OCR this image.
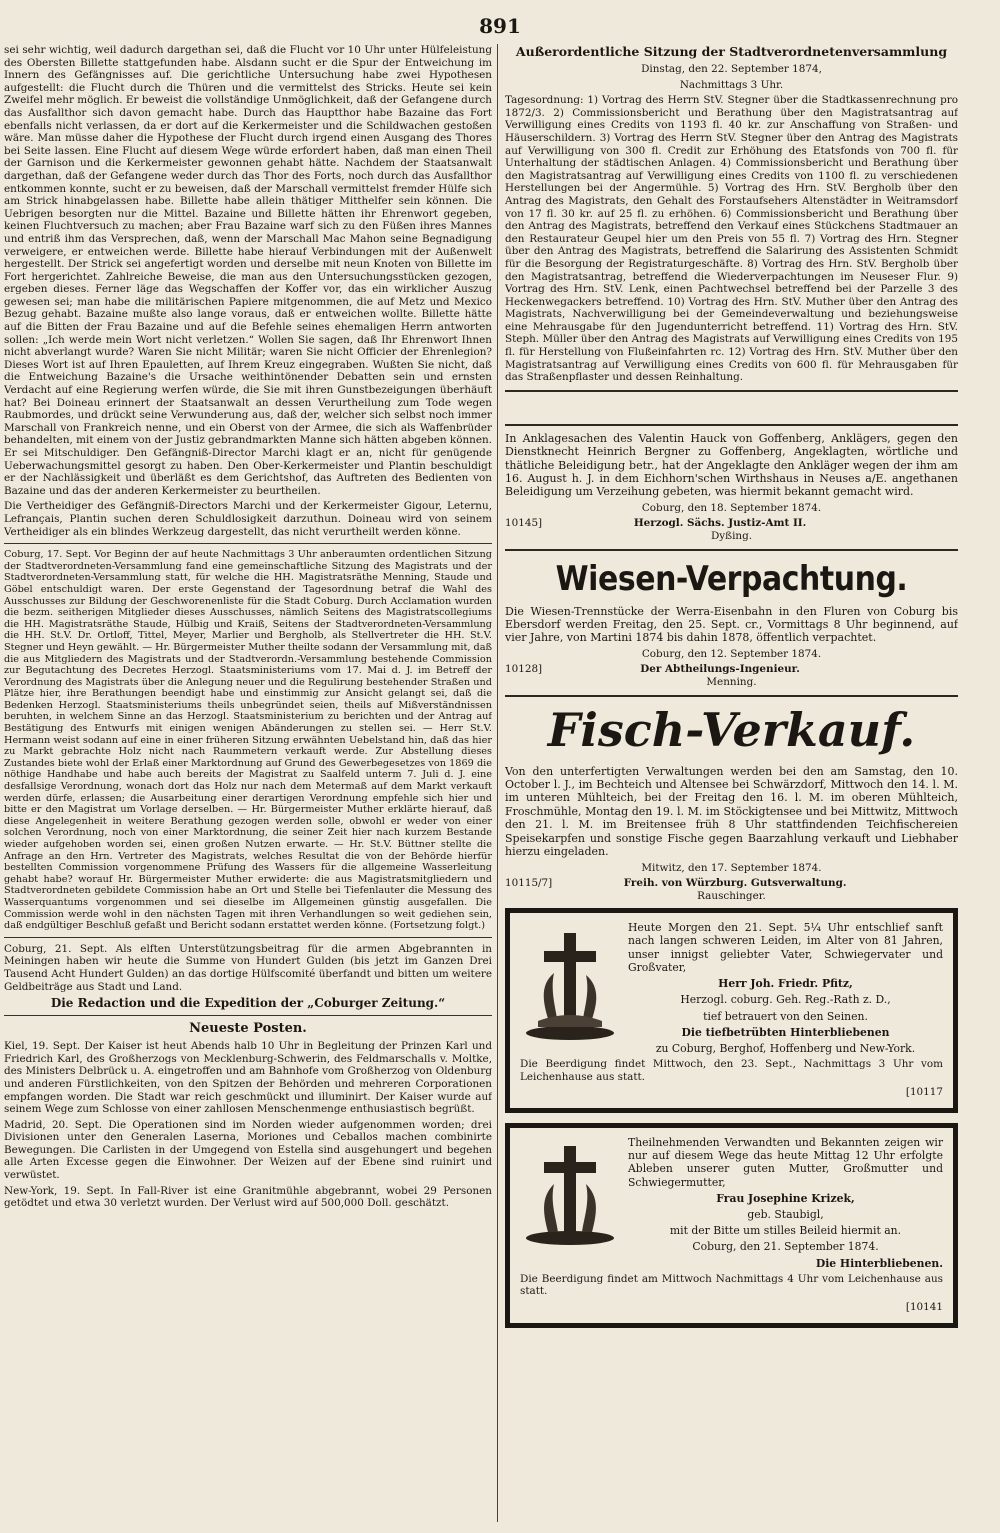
891

sei sehr wichtig, weil dadurch dargethan sei, daß die Flucht vor 10 Uhr unter Hülfeleistung des Obersten Billette stattgefunden habe. Alsdann sucht er die Spur der Entweichung im Innern des Gefängnisses auf. Die gerichtliche Untersuchung habe zwei Hypothesen aufgestellt: die Flucht durch die Thüren und die vermittelst des Stricks. Heute sei kein Zweifel mehr möglich. Er beweist die vollständige Unmöglichkeit, daß der Gefangene durch das Ausfallthor sich davon gemacht habe. Durch das Hauptthor habe Bazaine das Fort ebenfalls nicht verlassen, da er dort auf die Kerkermeister und die Schildwachen gestoßen wäre. Man müsse daher die Hypothese der Flucht durch irgend einen Ausgang des Thores bei Seite lassen. Eine Flucht auf diesem Wege würde erfordert haben, daß man einen Theil der Garnison und die Kerkermeister gewonnen gehabt hätte. Nachdem der Staatsanwalt dargethan, daß der Gefangene weder durch das Thor des Forts, noch durch das Ausfallthor entkommen konnte, sucht er zu beweisen, daß der Marschall vermittelst fremder Hülfe sich am Strick hinabgelassen habe. Billette habe allein thätiger Mitthelfer sein können. Die Uebrigen besorgten nur die Mittel. Bazaine und Billette hätten ihr Ehrenwort gegeben, keinen Fluchtversuch zu machen; aber Frau Bazaine warf sich zu den Füßen ihres Mannes und entriß ihm das Versprechen, daß, wenn der Marschall Mac Mahon seine Begnadigung verweigere, er entweichen werde. Billette habe hierauf Verbindungen mit der Außenwelt hergestellt. Der Strick sei angefertigt worden und derselbe mit neun Knoten von Billette im Fort hergerichtet. Zahlreiche Beweise, die man aus den Untersuchungsstücken gezogen, ergeben dieses. Ferner läge das Wegschaffen der Koffer vor, das ein wirklicher Auszug gewesen sei; man habe die militärischen Papiere mitgenommen, die auf Metz und Mexico Bezug gehabt. Bazaine mußte also lange voraus, daß er entweichen wollte. Billette hätte auf die Bitten der Frau Bazaine und auf die Befehle seines ehemaligen Herrn antworten sollen: „Ich werde mein Wort nicht verletzen.“ Wollen Sie sagen, daß Ihr Ehrenwort Ihnen nicht abverlangt wurde? Waren Sie nicht Militär; waren Sie nicht Officier der Ehrenlegion? Dieses Wort ist auf Ihren Epauletten, auf Ihrem Kreuz eingegraben. Wußten Sie nicht, daß die Entweichung Bazaine's die Ursache weithintönender Debatten sein und ernsten Verdacht auf eine Regierung werfen würde, die Sie mit ihren Gunstbezeigungen überhäuft hat? Bei Doineau erinnert der Staatsanwalt an dessen Verurtheilung zum Tode wegen Raubmordes, und drückt seine Verwunderung aus, daß der, welcher sich selbst noch immer Marschall von Frankreich nenne, und ein Oberst von der Armee, die sich als Waffenbrüder behandelten, mit einem von der Justiz gebrandmarkten Manne sich hätten abgeben können. Er sei Mitschuldiger. Den Gefängniß-Director Marchi klagt er an, nicht für genügende Ueberwachungsmittel gesorgt zu haben. Den Ober-Kerkermeister und Plantin beschuldigt er der Nachlässigkeit und überläßt es dem Gerichtshof, das Auftreten des Bedienten von Bazaine und das der anderen Kerkermeister zu beurtheilen.

Die Vertheidiger des Gefängniß-Directors Marchi und der Kerkermeister Gigour, Leternu, Lefrançais, Plantin suchen deren Schuldlosigkeit darzuthun. Doineau wird von seinem Vertheidiger als ein blindes Werkzeug dargestellt, das nicht verurtheilt werden könne.

Coburg, 17. Sept. Vor Beginn der auf heute Nachmittags 3 Uhr anberaumten ordentlichen Sitzung der Stadtverordneten-Versammlung fand eine gemeinschaftliche Sitzung des Magistrats und der Stadtverordneten-Versammlung statt, für welche die HH. Magistratsräthe Menning, Staude und Göbel entschuldigt waren. Der erste Gegenstand der Tagesordnung betraf die Wahl des Ausschusses zur Bildung der Geschworenenliste für die Stadt Coburg. Durch Acclamation wurden die bezm. seitherigen Mitglieder dieses Ausschusses, nämlich Seitens des Magistratscollegiums die HH. Magistratsräthe Staude, Hülbig und Kraiß, Seitens der Stadtverordneten-Versammlung die HH. St.V. Dr. Ortloff, Tittel, Meyer, Marlier und Bergholb, als Stellvertreter die HH. St.V. Stegner und Heyn gewählt. — Hr. Bürgermeister Muther theilte sodann der Versammlung mit, daß die aus Mitgliedern des Magistrats und der Stadtverordn.-Versammlung bestehende Commission zur Begutachtung des Decretes Herzogl. Staatsministeriums vom 17. Mai d. J. im Betreff der Verordnung des Magistrats über die Anlegung neuer und die Regulirung bestehender Straßen und Plätze hier, ihre Berathungen beendigt habe und einstimmig zur Ansicht gelangt sei, daß die Bedenken Herzogl. Staatsministeriums theils unbegründet seien, theils auf Mißverständnissen beruhten, in welchem Sinne an das Herzogl. Staatsministerium zu berichten und der Antrag auf Bestätigung des Entwurfs mit einigen wenigen Abänderungen zu stellen sei. — Herr St.V. Hermann weist sodann auf eine in einer früheren Sitzung erwähnten Uebelstand hin, daß das hier zu Markt gebrachte Holz nicht nach Raummetern verkauft werde. Zur Abstellung dieses Zustandes biete wohl der Erlaß einer Marktordnung auf Grund des Gewerbegesetzes von 1869 die nöthige Handhabe und habe auch bereits der Magistrat zu Saalfeld unterm 7. Juli d. J. eine desfallsige Verordnung, wonach dort das Holz nur nach dem Metermaß auf dem Markt verkauft werden dürfe, erlassen; die Ausarbeitung einer derartigen Verordnung empfehle sich hier und bitte er den Magistrat um Vorlage derselben. — Hr. Bürgermeister Muther erklärte hierauf, daß diese Angelegenheit in weitere Berathung gezogen werden solle, obwohl er weder von einer solchen Verordnung, noch von einer Marktordnung, die seiner Zeit hier nach kurzem Bestande wieder aufgehoben worden sei, einen großen Nutzen erwarte. — Hr. St.V. Büttner stellte die Anfrage an den Hrn. Vertreter des Magistrats, welches Resultat die von der Behörde hierfür bestellten Commission vorgenommene Prüfung des Wassers für die allgemeine Wasserleitung gehabt habe? worauf Hr. Bürgermeister Muther erwiderte: die aus Magistratsmitgliedern und Stadtverordneten gebildete Commission habe an Ort und Stelle bei Tiefenlauter die Messung des Wasserquantums vorgenommen und sei dieselbe im Allgemeinen günstig ausgefallen. Die Commission werde wohl in den nächsten Tagen mit ihren Verhandlungen so weit gediehen sein, daß endgültiger Beschluß gefaßt und Bericht sodann erstattet werden könne. (Fortsetzung folgt.)

Coburg, 21. Sept. Als elften Unterstützungsbeitrag für die armen Abgebrannten in Meiningen haben wir heute die Summe von Hundert Gulden (bis jetzt im Ganzen Drei Tausend Acht Hundert Gulden) an das dortige Hülfscomité überfandt und bitten um weitere Geldbeiträge aus Stadt und Land.

Die Redaction und die Expedition der „Coburger Zeitung.“
Neueste Posten.

Kiel, 19. Sept. Der Kaiser ist heut Abends halb 10 Uhr in Begleitung der Prinzen Karl und Friedrich Karl, des Großherzogs von Mecklenburg-Schwerin, des Feldmarschalls v. Moltke, des Ministers Delbrück u. A. eingetroffen und am Bahnhofe vom Großherzog von Oldenburg und anderen Fürstlichkeiten, von den Spitzen der Behörden und mehreren Corporationen empfangen worden. Die Stadt war reich geschmückt und illuminirt. Der Kaiser wurde auf seinem Wege zum Schlosse von einer zahllosen Menschenmenge enthusiastisch begrüßt.

Madrid, 20. Sept. Die Operationen sind im Norden wieder aufgenommen worden; drei Divisionen unter den Generalen Laserna, Moriones und Ceballos machen combinirte Bewegungen. Die Carlisten in der Umgegend von Estella sind ausgehungert und begehen alle Arten Excesse gegen die Einwohner. Der Weizen auf der Ebene sind ruinirt und verwüstet.

New-York, 19. Sept. In Fall-River ist eine Granitmühle abgebrannt, wobei 29 Personen getödtet und etwa 30 verletzt wurden. Der Verlust wird auf 500,000 Doll. geschätzt.

Außerordentliche Sitzung der Stadtverordnetenversammlung

Dinstag, den 22. September 1874,

Nachmittags 3 Uhr.

Tagesordnung: 1) Vortrag des Herrn StV. Stegner über die Stadtkassenrechnung pro 1872/3. 2) Commissionsbericht und Berathung über den Magistratsantrag auf Verwilligung eines Credits von 1193 fl. 40 kr. zur Anschaffung von Straßen- und Häuserschildern. 3) Vortrag des Herrn StV. Stegner über den Antrag des Magistrats auf Verwilligung von 300 fl. Credit zur Erhöhung des Etatsfonds von 700 fl. für Unterhaltung der städtischen Anlagen. 4) Commissionsbericht und Berathung über den Magistratsantrag auf Verwilligung eines Credits von 1100 fl. zu verschiedenen Herstellungen bei der Angermühle. 5) Vortrag des Hrn. StV. Bergholb über den Antrag des Magistrats, den Gehalt des Forstaufsehers Altenstädter in Weitramsdorf von 17 fl. 30 kr. auf 25 fl. zu erhöhen. 6) Commissionsbericht und Berathung über den Antrag des Magistrats, betreffend den Verkauf eines Stückchens Stadtmauer an den Restaurateur Geupel hier um den Preis von 55 fl. 7) Vortrag des Hrn. Stegner über den Antrag des Magistrats, betreffend die Salarirung des Assistenten Schmidt für die Besorgung der Registraturgeschäfte. 8) Vortrag des Hrn. StV. Bergholb über den Magistratsantrag, betreffend die Wiederverpachtungen im Neuseser Flur. 9) Vortrag des Hrn. StV. Lenk, einen Pachtwechsel betreffend bei der Parzelle 3 des Heckenwegackers betreffend. 10) Vortrag des Hrn. StV. Muther über den Antrag des Magistrats, Nachverwilligung bei der Gemeindeverwaltung und beziehungsweise eine Mehrausgabe für den Jugendunterricht betreffend. 11) Vortrag des Hrn. StV. Steph. Müller über den Antrag des Magistrats auf Verwilligung eines Credits von 195 fl. für Herstellung von Flußeinfahrten rc. 12) Vortrag des Hrn. StV. Muther über den Magistratsantrag auf Verwilligung eines Credits von 600 fl. für Mehrausgaben für das Straßenpflaster und dessen Reinhaltung.

In Anklagesachen des Valentin Hauck von Goffenberg, Anklägers, gegen den Dienstknecht Heinrich Bergner zu Goffenberg, Angeklagten, wörtliche und thätliche Beleidigung betr., hat der Angeklagte den Ankläger wegen der ihm am 16. August h. J. in dem Eichhorn'schen Wirthshaus in Neuses a/E. angethanen Beleidigung um Verzeihung gebeten, was hiermit bekannt gemacht wird.

Coburg, den 18. September 1874.

10145]	Herzogl. Sächs. Justiz-Amt II.

Dyßing.

Wiesen-Verpachtung.

Die Wiesen-Trennstücke der Werra-Eisenbahn in den Fluren von Coburg bis Ebersdorf werden Freitag, den 25. Sept. cr., Vormittags 8 Uhr beginnend, auf vier Jahre, von Martini 1874 bis dahin 1878, öffentlich verpachtet.

Coburg, den 12. September 1874.

10128]	Der Abtheilungs-Ingenieur.

Menning.

Fisch-Verkauf.

Von den unterfertigten Verwaltungen werden bei den am Samstag, den 10. October l. J., im Bechteich und Altensee bei Schwärzdorf, Mittwoch den 14. l. M. im unteren Mühlteich, bei der Freitag den 16. l. M. im oberen Mühlteich, Froschmühle, Montag den 19. l. M. im Stöckigtensee und bei Mittwitz, Mittwoch den 21. l. M. im Breitensee früh 8 Uhr stattfindenden Teichfischereien Speisekarpfen und sonstige Fische gegen Baarzahlung verkauft und Liebhaber hierzu eingeladen.

Mitwitz, den 17. September 1874.

10115/7]	Freih. von Würzburg. Gutsverwaltung.

Rauschinger.

Heute Morgen den 21. Sept. 5¼ Uhr entschlief sanft nach langen schweren Leiden, im Alter von 81 Jahren, unser innigst geliebter Vater, Schwiegervater und Großvater,

Herr Joh. Friedr. Pfitz,

Herzogl. coburg. Geh. Reg.-Rath z. D.,

tief betrauert von den Seinen.

Die tiefbetrübten Hinterbliebenen

zu Coburg, Berghof, Hoffenberg und New-York.

Die Beerdigung findet Mittwoch, den 23. Sept., Nachmittags 3 Uhr vom Leichenhause aus statt.

[10117

Theilnehmenden Verwandten und Bekannten zeigen wir nur auf diesem Wege das heute Mittag 12 Uhr erfolgte Ableben unserer guten Mutter, Großmutter und Schwiegermutter,

Frau Josephine Krizek,

geb. Staubigl,

mit der Bitte um stilles Beileid hiermit an.

Coburg, den 21. September 1874.

Die Hinterbliebenen.

Die Beerdigung findet am Mittwoch Nachmittags 4 Uhr vom Leichenhause aus statt.

[10141
